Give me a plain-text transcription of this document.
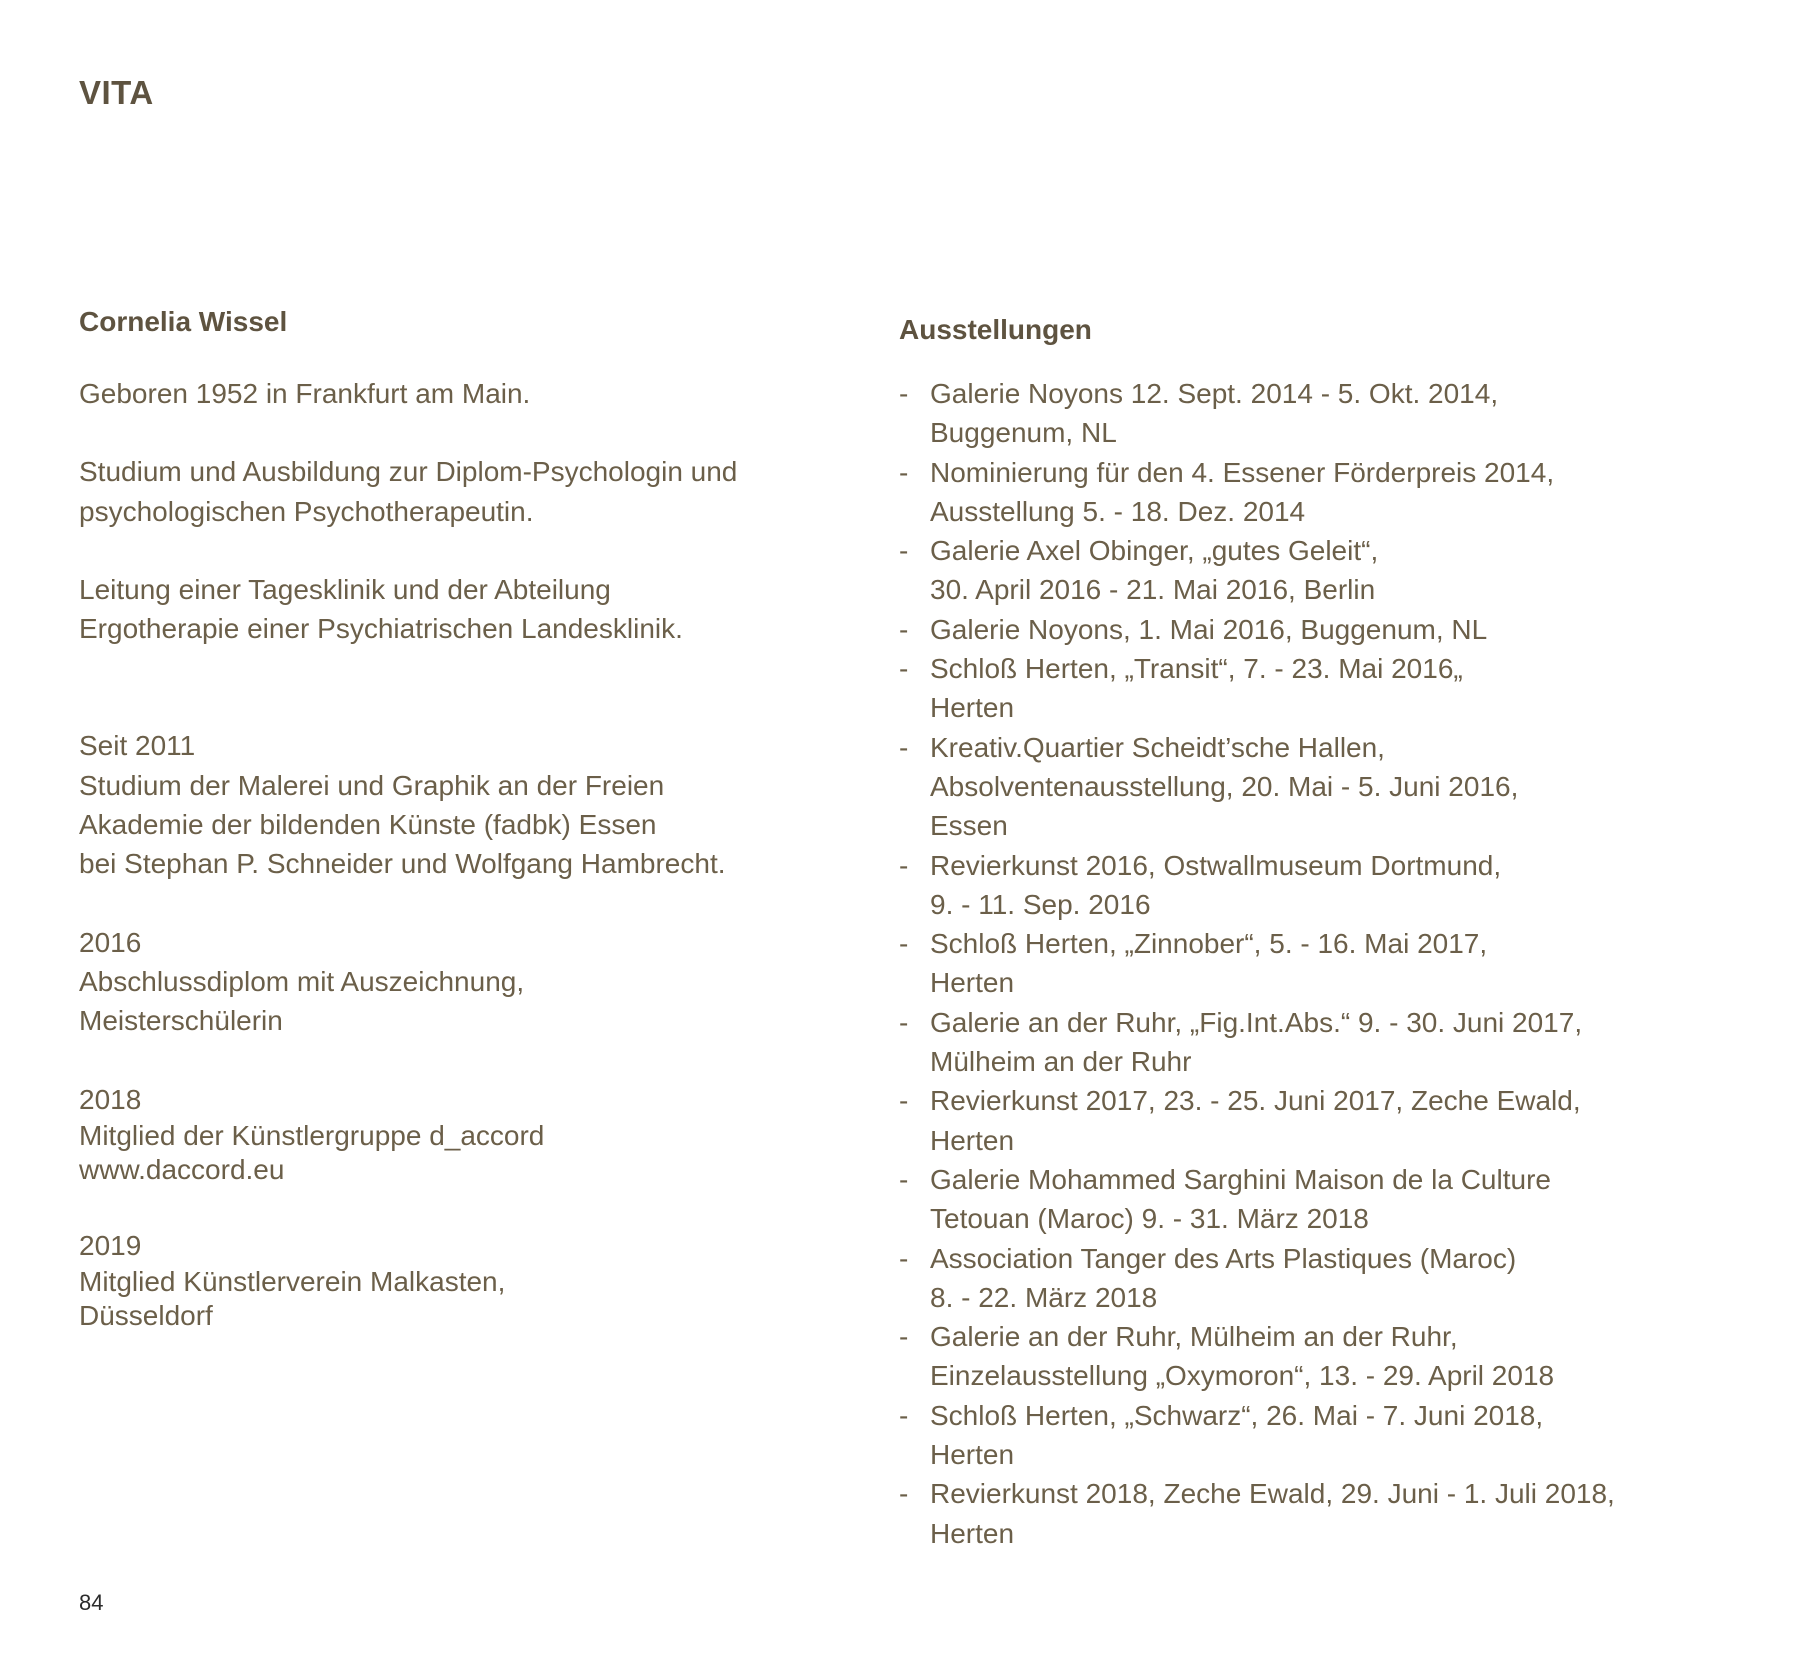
VITA
Cornelia Wissel
Geboren 1952 in Frankfurt am Main.
Studium und Ausbildung zur Diplom-Psychologin und
psychologischen Psychotherapeutin.
Leitung einer Tagesklinik und der Abteilung
Ergotherapie einer Psychiatrischen Landesklinik.
Seit 2011
Studium der Malerei und Graphik an der Freien
Akademie der bildenden Künste (fadbk) Essen
bei Stephan P. Schneider und Wolfgang Hambrecht.
2016
Abschlussdiplom mit Auszeichnung,
Meisterschülerin
2018
Mitglied der Künstlergruppe d_accord
www.daccord.eu
2019
Mitglied Künstlerverein Malkasten,
Düsseldorf
Ausstellungen
- Galerie Noyons 12. Sept. 2014 - 5. Okt. 2014,
Buggenum, NL
- Nominierung für den 4. Essener Förderpreis 2014,
Ausstellung 5. - 18. Dez. 2014
- Galerie Axel Obinger, „gutes Geleit“,
30. April 2016 - 21. Mai 2016, Berlin
- Galerie Noyons, 1. Mai 2016, Buggenum, NL
- Schloß Herten, „Transit“, 7. - 23. Mai 2016„
Herten
- Kreativ.Quartier Scheidt’sche Hallen,
Absolventenausstellung, 20. Mai - 5. Juni 2016,
Essen
- Revierkunst 2016, Ostwallmuseum Dortmund,
9. - 11. Sep. 2016
- Schloß Herten, „Zinnober“, 5. - 16. Mai 2017,
Herten
- Galerie an der Ruhr, „Fig.Int.Abs.“ 9. - 30. Juni 2017,
Mülheim an der Ruhr
- Revierkunst 2017, 23. - 25. Juni 2017, Zeche Ewald,
Herten
- Galerie Mohammed Sarghini Maison de la Culture
Tetouan (Maroc) 9. - 31. März 2018
- Association Tanger des Arts Plastiques (Maroc)
8. - 22. März 2018
- Galerie an der Ruhr, Mülheim an der Ruhr,
Einzelausstellung „Oxymoron“, 13. - 29. April 2018
- Schloß Herten, „Schwarz“, 26. Mai - 7. Juni 2018,
Herten
- Revierkunst 2018, Zeche Ewald, 29. Juni - 1. Juli 2018,
Herten
84
